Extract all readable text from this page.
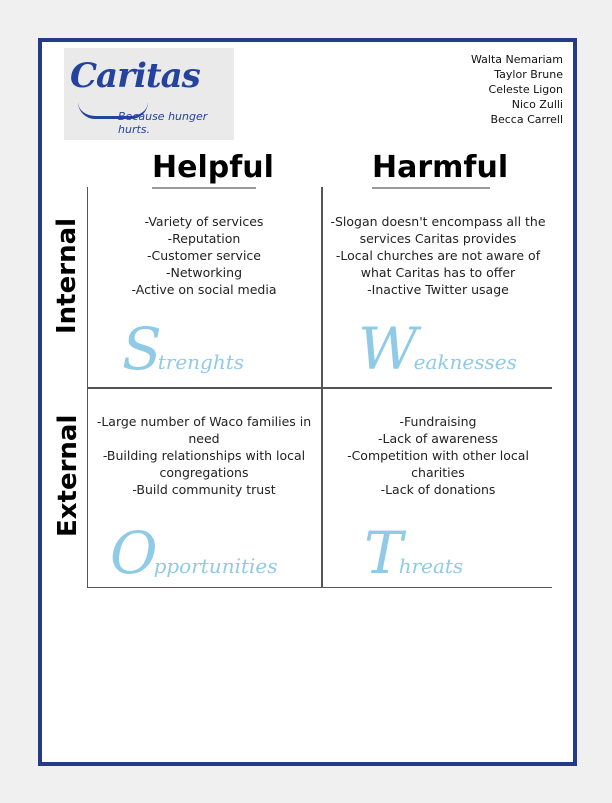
Caritas
Because hunger hurts.
Walta Nemariam
Taylor Brune
Celeste Ligon
Nico Zulli
Becca Carrell
Helpful	Harmful
Internal
External
-Variety of services
-Reputation
-Customer service
-Networking
-Active on social media
Strenghts
-Slogan doesn't encompass all the services Caritas provides
-Local churches are not aware of what Caritas has to offer
-Inactive Twitter usage
Weaknesses
-Large number of Waco families in need
-Building relationships with local congregations
-Build community trust
Opportunities
-Fundraising
-Lack of awareness
-Competition with other local charities
-Lack of donations
Threats
